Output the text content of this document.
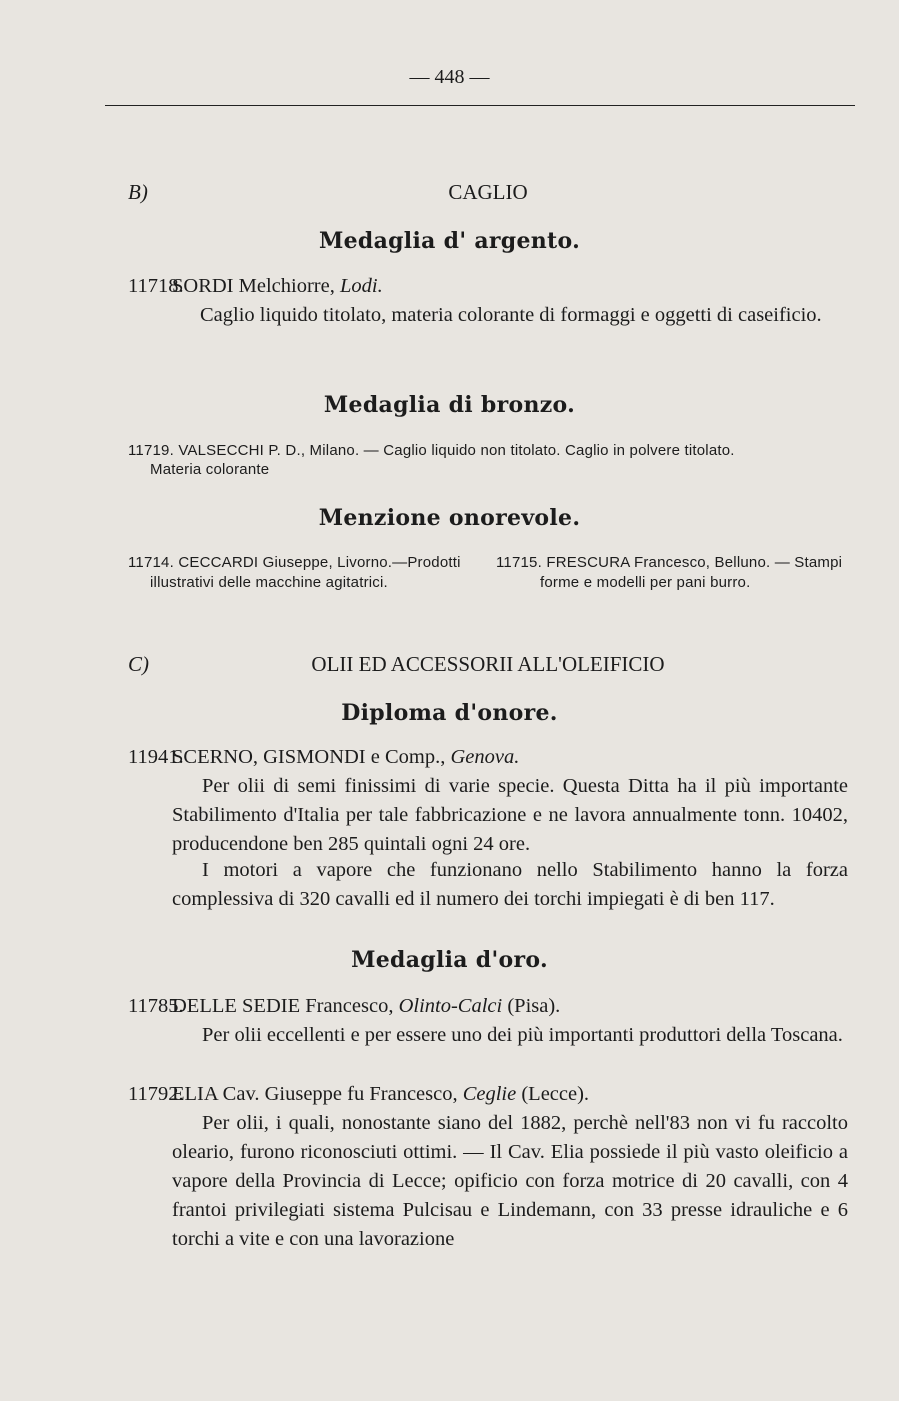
— 448 —
B)	CAGLIO
Medaglia d' argento.
11718.
SORDI Melchiorre, Lodi.
Caglio liquido titolato, materia colorante di formaggi e oggetti di caseificio.
Medaglia di bronzo.
11719. VALSECCHI P. D., Milano. — Caglio liquido non titolato. Caglio in polvere titolato.
Materia colorante
Menzione onorevole.
11714. CECCARDI Giuseppe, Livorno.—Prodotti
illustrativi delle macchine agitatrici.
11715. FRESCURA Francesco, Belluno. — Stampi
forme e modelli per pani burro.
C)	OLII ED ACCESSORII ALL'OLEIFICIO
Diploma d'onore.
11941.
SCERNO, GISMONDI e Comp., Genova.
Per olii di semi finissimi di varie specie. Questa Ditta ha il più importante Stabilimento d'Italia per tale fabbricazione e ne lavora annualmente tonn. 10402, producendone ben 285 quintali ogni 24 ore.
I motori a vapore che funzionano nello Stabilimento hanno la forza complessiva di 320 cavalli ed il numero dei torchi impiegati è di ben 117.
Medaglia d'oro.
11785.
DELLE SEDIE Francesco, Olinto-Calci (Pisa).
Per olii eccellenti e per essere uno dei più importanti produttori della Toscana.
11792.
ELIA Cav. Giuseppe fu Francesco, Ceglie (Lecce).
Per olii, i quali, nonostante siano del 1882, perchè nell'83 non vi fu raccolto oleario, furono riconosciuti ottimi. — Il Cav. Elia possiede il più vasto oleificio a vapore della Provincia di Lecce; opificio con forza motrice di 20 cavalli, con 4 frantoi privilegiati sistema Pulcisau e Lindemann, con 33 presse idrauliche e 6 torchi a vite e con una lavorazione
